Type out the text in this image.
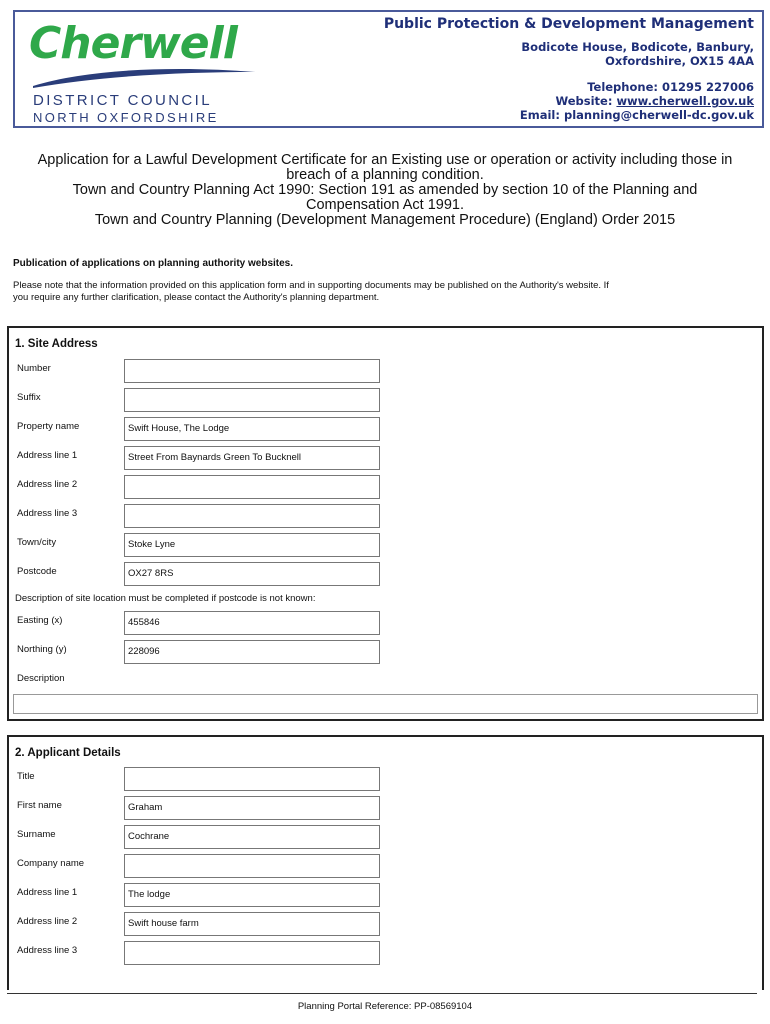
Cherwell
DISTRICT COUNCIL
NORTH OXFORDSHIRE
Public Protection & Development Management
Bodicote House, Bodicote, Banbury,
Oxfordshire, OX15 4AA
Telephone: 01295 227006
Website: www.cherwell.gov.uk
Email: planning@cherwell-dc.gov.uk
Application for a Lawful Development Certificate for an Existing use or operation or activity including those in
breach of a planning condition.
Town and Country Planning Act 1990: Section 191 as amended by section 10 of the Planning and
Compensation Act 1991.
Town and Country Planning (Development Management Procedure) (England) Order 2015
Publication of applications on planning authority websites.
Please note that the information provided on this application form and in supporting documents may be published on the Authority's website. If
you require any further clarification, please contact the Authority's planning department.
1. Site Address
Number
Suffix
Property name	Swift House, The Lodge
Address line 1	Street From Baynards Green To Bucknell
Address line 2
Address line 3
Town/city	Stoke Lyne
Postcode	OX27 8RS
Description of site location must be completed if postcode is not known:
Easting (x)	455846
Northing (y)	228096
Description
2. Applicant Details
Title
First name	Graham
Surname	Cochrane
Company name
Address line 1	The lodge
Address line 2	Swift house farm
Address line 3
Planning Portal Reference: PP-08569104
